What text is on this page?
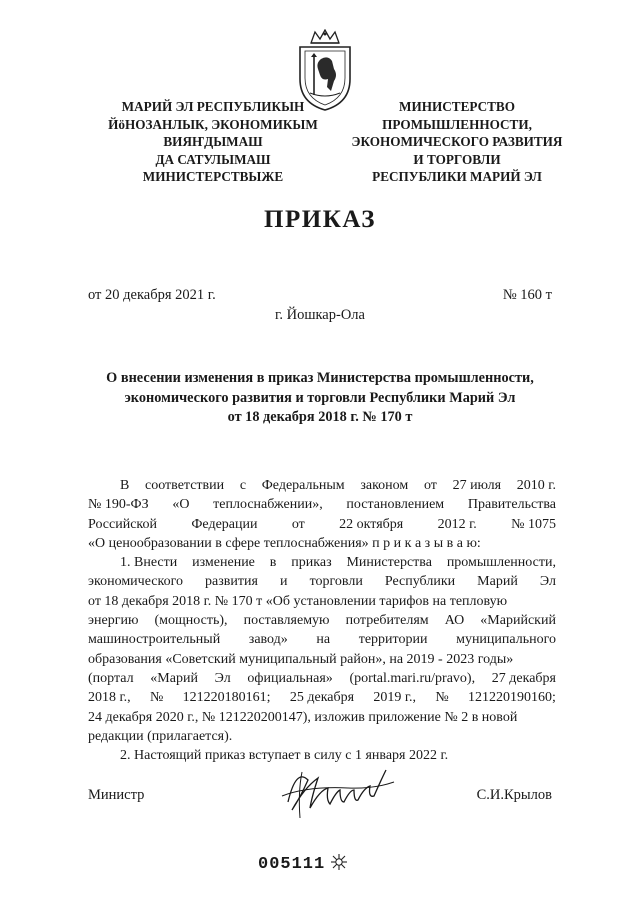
МАРИЙ ЭЛ РЕСПУБЛИКЫН
ЙӧНОЗАНЛЫК, ЭКОНОМИКЫМ
ВИЯҤДЫМАШ
ДА САТУЛЫМАШ
МИНИСТЕРСТВЫЖЕ
МИНИСТЕРСТВО
ПРОМЫШЛЕННОСТИ,
ЭКОНОМИЧЕСКОГО РАЗВИТИЯ
И ТОРГОВЛИ
РЕСПУБЛИКИ МАРИЙ ЭЛ
ПРИКАЗ
от 20 декабря 2021 г.	№ 160 т
г. Йошкар-Ола
О внесении изменения в приказ Министерства промышленности,
экономического развития и торговли Республики Марий Эл
от 18 декабря 2018 г. № 170 т
В соответствии с Федеральным законом от 27 июля 2010 г.
№ 190-ФЗ «О теплоснабжении», постановлением Правительства
Российской Федерации от 22 октября 2012 г. № 1075
«О ценообразовании в сфере теплоснабжения» п р и к а з ы в а ю:
1. Внести изменение в приказ Министерства промышленности,
экономического развития и торговли Республики Марий Эл
от 18 декабря 2018 г. № 170 т «Об установлении тарифов на тепловую
энергию (мощность), поставляемую потребителям АО «Марийский
машиностроительный завод» на территории муниципального
образования «Советский муниципальный район», на 2019 - 2023 годы»
(портал «Марий Эл официальная» (portal.mari.ru/pravo), 27 декабря
2018 г., № 121220180161; 25 декабря 2019 г., № 121220190160;
24 декабря 2020 г., № 121220200147), изложив приложение № 2 в новой
редакции (прилагается).
2. Настоящий приказ вступает в силу с 1 января 2022 г.
Министр	С.И.Крылов
005111
